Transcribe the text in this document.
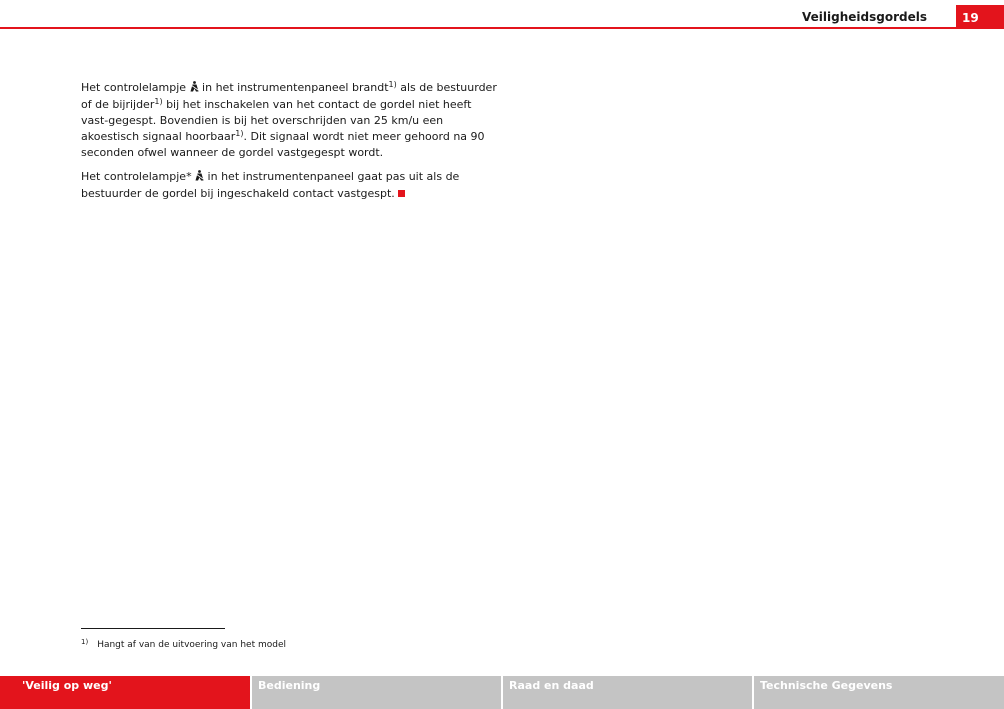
Veiligheidsgordels	19

Het controlelampje  in het instrumentenpaneel brandt$^{1)}$ als de bestuurder of de bijrijder$^{1)}$ bij het inschakelen van het contact de gordel niet heeft vast-gegespt. Bovendien is bij het overschrijden van 25 km/u een akoestisch signaal hoorbaar$^{1)}$. Dit signaal wordt niet meer gehoord na 90 seconden ofwel wanneer de gordel vastgegespt wordt.

Het controlelampje*  in het instrumentenpaneel gaat pas uit als de bestuurder de gordel bij ingeschakeld contact vastgespt.

$^{1)}$ Hangt af van de uitvoering van het model
'Veilig op weg'	Bediening	Raad en daad	Technische Gegevens
